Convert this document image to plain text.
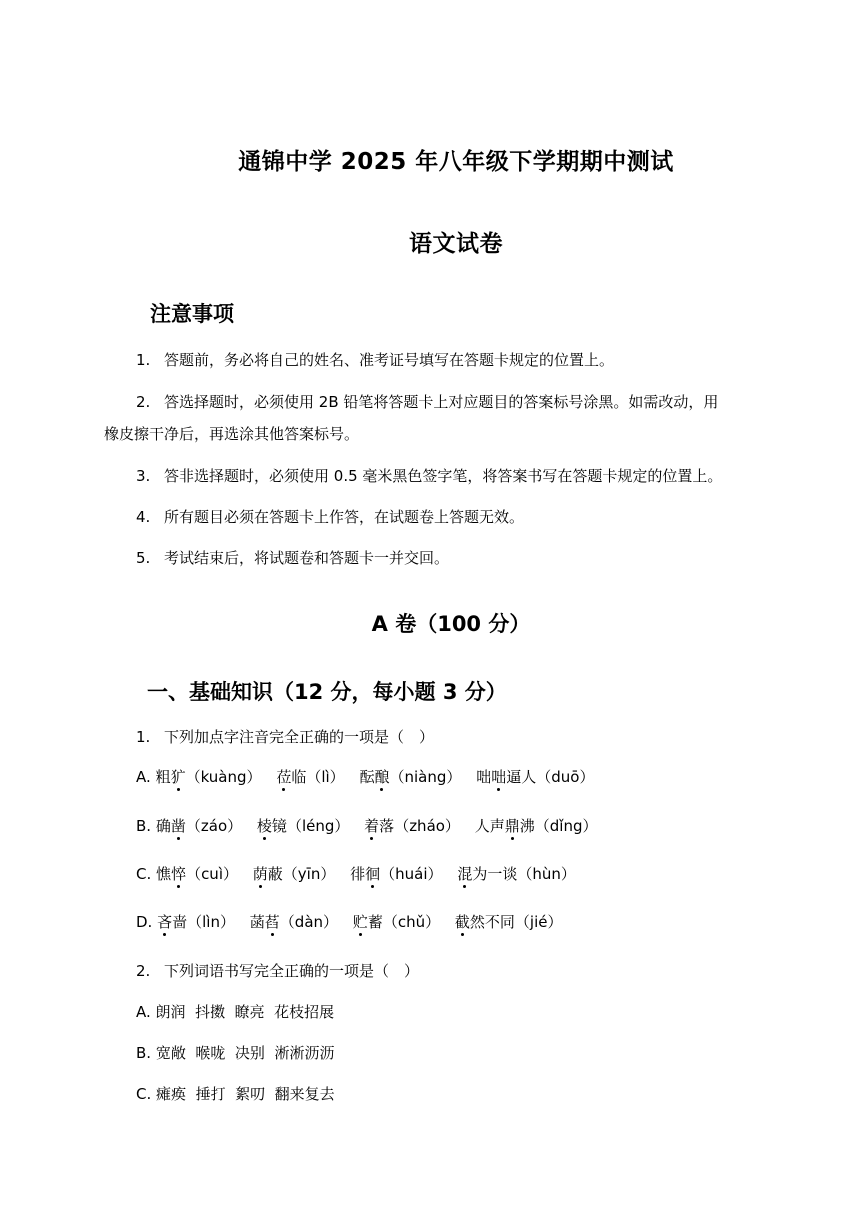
通锦中学 2025 年八年级下学期期中测试
语文试卷
注意事项
1. 答题前，务必将自己的姓名、准考证号填写在答题卡规定的位置上。
2. 答选择题时，必须使用 2B 铅笔将答题卡上对应题目的答案标号涂黑。如需改动，用
橡皮擦干净后，再选涂其他答案标号。
3. 答非选择题时，必须使用 0.5 毫米黑色签字笔，将答案书写在答题卡规定的位置上。
4. 所有题目必须在答题卡上作答，在试题卷上答题无效。
5. 考试结束后，将试题卷和答题卡一并交回。
A 卷（100 分）
一、基础知识（12 分，每小题 3 分）
1. 下列加点字注音完全正确的一项是（　）
A. 粗犷（kuàng） 莅临（lì） 酝酿（niàng） 咄咄逼人（duō）
B. 确凿（záo） 棱镜（léng） 着落（zháo） 人声鼎沸（dǐng）
C. 憔悴（cuì） 荫蔽（yīn） 徘徊（huái） 混为一谈（hùn）
D. 吝啬（lìn） 菡萏（dàn） 贮蓄（chǔ） 截然不同（jié）
2. 下列词语书写完全正确的一项是（　）
A. 朗润  抖擞  瞭亮  花枝招展
B. 宽敞  喉咙  决别  淅淅沥沥
C. 瘫痪  捶打  絮叨  翻来复去
